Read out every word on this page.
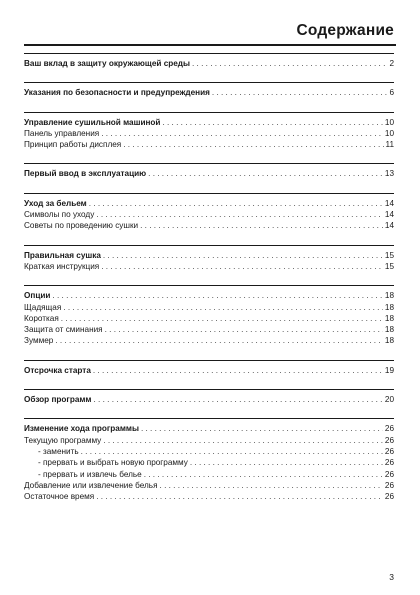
Содержание
Ваш вклад в защиту окружающей среды . . .	2
Указания по безопасности и предупреждения . . .	6
Управление сушильной машиной . . .	10
Панель управления . . .	10
Принцип работы дисплея . . .	11
Первый ввод в эксплуатацию . . .	13
Уход за бельем . . .	14
Символы по уходу . . .	14
Советы по проведению сушки . . .	14
Правильная сушка . . .	15
Краткая инструкция . . .	15
Опции . . .	18
Щадящая . . .	18
Короткая . . .	18
Защита от сминания . . .	18
Зуммер . . .	18
Отсрочка старта . . .	19
Обзор программ . . .	20
Изменение хода программы . . .	26
Текущую программу . . .	26
- заменить . . .	26
- прервать и выбрать новую программу . . .	26
- прервать и извлечь белье . . .	26
Добавление или извлечение белья . . .	26
Остаточное время . . .	26
3
